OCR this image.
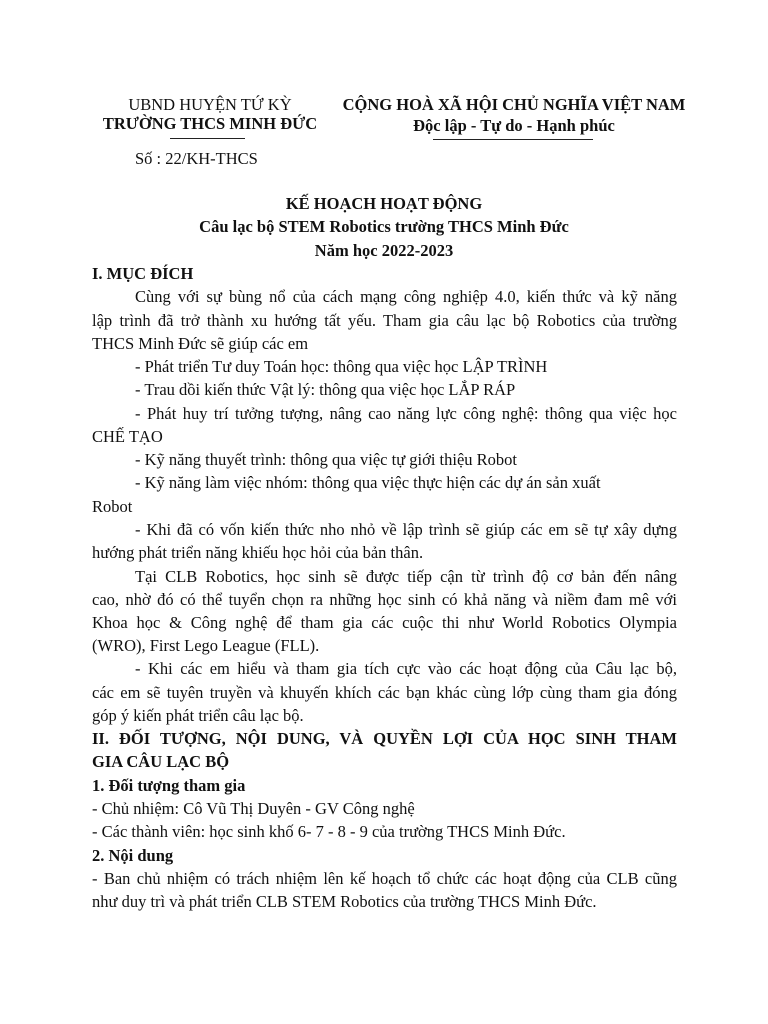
UBND HUYỆN TỨ KỲ
TRƯỜNG THCS MINH ĐỨC
CỘNG HOÀ XÃ HỘI CHỦ NGHĨA VIỆT NAM
Độc lập - Tự do - Hạnh phúc
Số : 22/KH-THCS
KẾ HOẠCH HOẠT ĐỘNG
Câu lạc bộ STEM Robotics trường THCS Minh Đức
Năm học 2022-2023
I. MỤC ĐÍCH
Cùng với sự bùng nổ của cách mạng công nghiệp 4.0, kiến thức và kỹ năng
lập trình đã trở thành xu hướng tất yếu. Tham gia câu lạc bộ Robotics của trường
THCS Minh Đức sẽ giúp các em
- Phát triển Tư duy Toán học: thông qua việc học LẬP TRÌNH
- Trau dồi kiến thức Vật lý: thông qua việc học LẮP RÁP
- Phát huy trí tưởng tượng, nâng cao năng lực công nghệ: thông qua việc học
CHẾ TẠO
- Kỹ năng thuyết trình: thông qua việc tự giới thiệu Robot
- Kỹ năng làm việc nhóm: thông qua việc thực hiện các dự án sản xuất
Robot
- Khi đã có vốn kiến thức nho nhỏ về lập trình sẽ giúp các em sẽ tự xây dựng
hướng phát triển năng khiếu học hỏi của bản thân.
Tại CLB Robotics, học sinh sẽ được tiếp cận từ trình độ cơ bản đến nâng
cao, nhờ đó có thể tuyển chọn ra những học sinh có khả năng và niềm đam mê với
Khoa học & Công nghệ để tham gia các cuộc thi như World Robotics Olympia
(WRO), First Lego League (FLL).
- Khi các em hiểu và tham gia tích cực vào các hoạt động của Câu lạc bộ,
các em sẽ tuyên truyền và khuyến khích các bạn khác cùng lớp cùng tham gia đóng
góp ý kiến phát triển câu lạc bộ.
II. ĐỐI TƯỢNG, NỘI DUNG, VÀ QUYỀN LỢI CỦA HỌC SINH THAM
GIA CÂU LẠC BỘ
1. Đối tượng tham gia
- Chủ nhiệm: Cô Vũ Thị Duyên - GV Công nghệ
- Các thành viên: học sinh khố 6- 7 - 8 - 9 của trường THCS Minh Đức.
2. Nội dung
- Ban chủ nhiệm có trách nhiệm lên kế hoạch tổ chức các hoạt động của CLB cũng
như duy trì và phát triển CLB STEM Robotics của trường THCS Minh Đức.
